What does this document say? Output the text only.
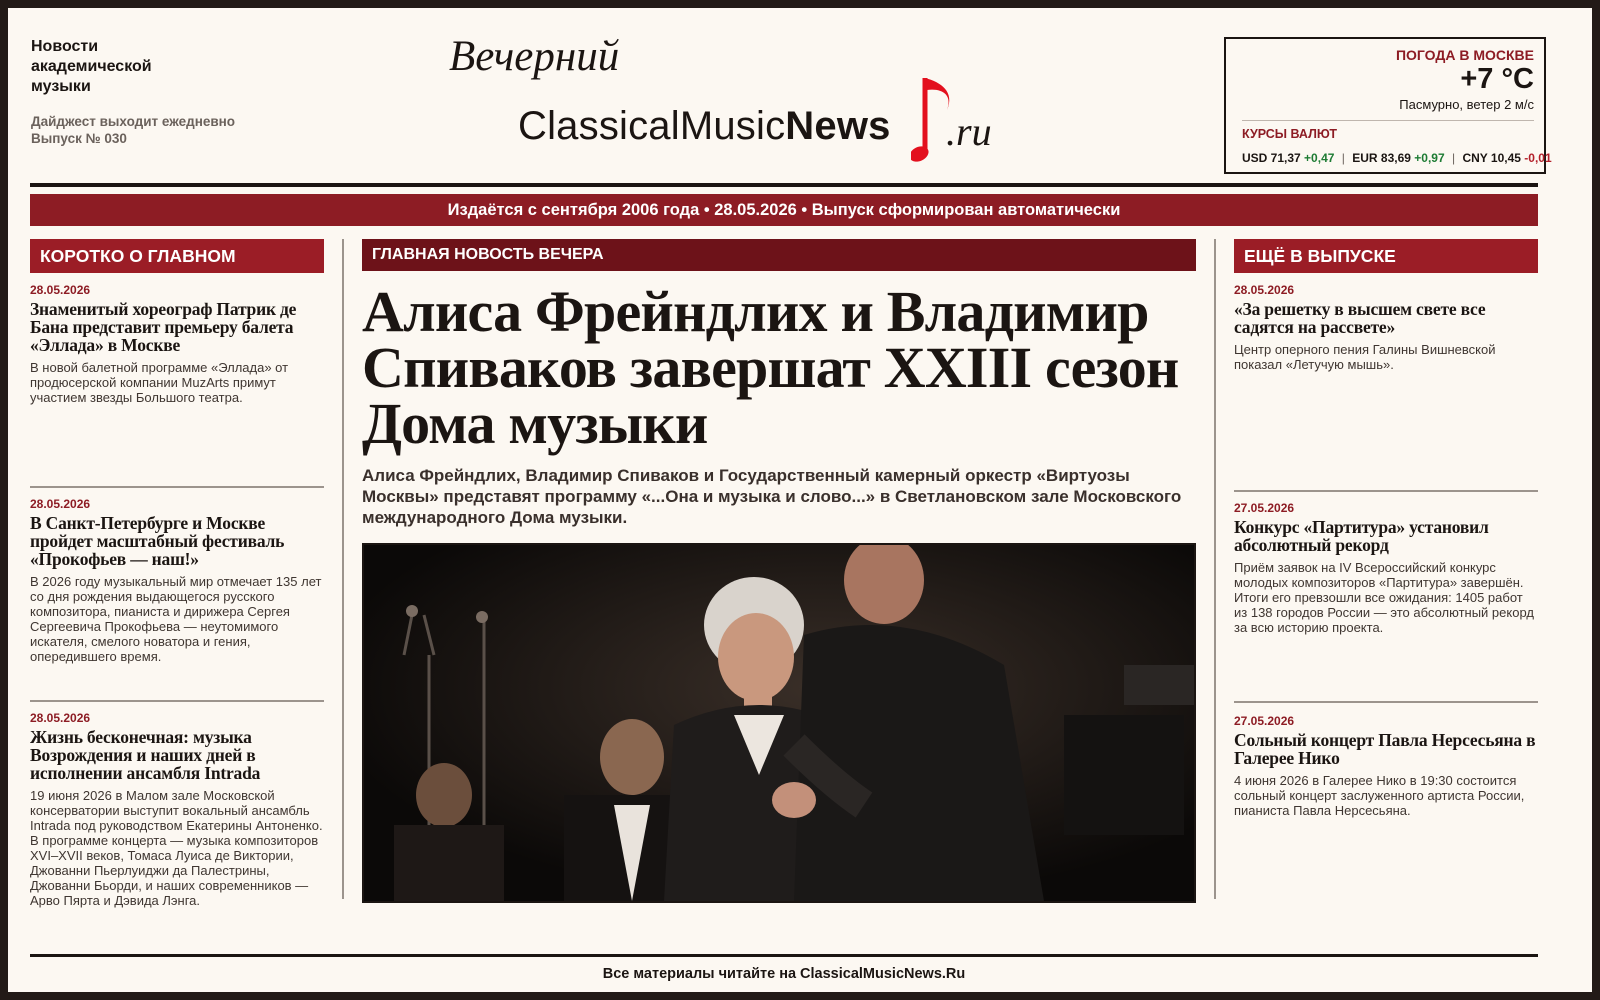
Новости академической музыки
Дайджест выходит ежедневно
Выпуск № 030
Вечерний
ClassicalMusicNews .ru
ПОГОДА В МОСКВЕ
+7 °C
Пасмурно, ветер 2 м/с
КУРСЫ ВАЛЮТ
USD 71,37 +0,47 | EUR 83,69 +0,97 | CNY 10,45 -0,01
Издаётся с сентября 2006 года • 28.05.2026 • Выпуск сформирован автоматически
КОРОТКО О ГЛАВНОМ
28.05.2026
Знаменитый хореограф Патрик де Бана представит премьеру балета «Эллада» в Москве
В новой балетной программе «Эллада» от продюсерской компании MuzArts примут участием звезды Большого театра.
28.05.2026
В Санкт-Петербурге и Москве пройдет масштабный фестиваль «Прокофьев — наш!»
В 2026 году музыкальный мир отмечает 135 лет со дня рождения выдающегося русского композитора, пианиста и дирижера Сергея Сергеевича Прокофьева — неутомимого искателя, смелого новатора и гения, опередившего время.
28.05.2026
Жизнь бесконечная: музыка Возрождения и наших дней в исполнении ансамбля Intrada
19 июня 2026 в Малом зале Московской консерватории выступит вокальный ансамбль Intrada под руководством Екатерины Антоненко. В программе концерта — музыка композиторов XVI–XVII веков, Томаса Луиса де Виктории, Джованни Пьерлуиджи да Палестрины, Джованни Бьорди, и наших современников — Арво Пярта и Дэвида Лэнга.
ГЛАВНАЯ НОВОСТЬ ВЕЧЕРА
Алиса Фрейндлих и Владимир Спиваков завершат XXIII сезон Дома музыки
Алиса Фрейндлих, Владимир Спиваков и Государственный камерный оркестр «Виртуозы Москвы» представят программу «...Она и музыка и слово...» в Светлановском зале Московского международного Дома музыки.
ЕЩЁ В ВЫПУСКЕ
28.05.2026
«За решетку в высшем свете все садятся на рассвете»
Центр оперного пения Галины Вишневской показал «Летучую мышь».
27.05.2026
Конкурс «Партитура» установил абсолютный рекорд
Приём заявок на IV Всероссийский конкурс молодых композиторов «Партитура» завершён. Итоги его превзошли все ожидания: 1405 работ из 138 городов России — это абсолютный рекорд за всю историю проекта.
27.05.2026
Сольный концерт Павла Нерсесьяна в Галерее Нико
4 июня 2026 в Галерее Нико в 19:30 состоится сольный концерт заслуженного артиста России, пианиста Павла Нерсесьяна.
Все материалы читайте на ClassicalMusicNews.Ru
